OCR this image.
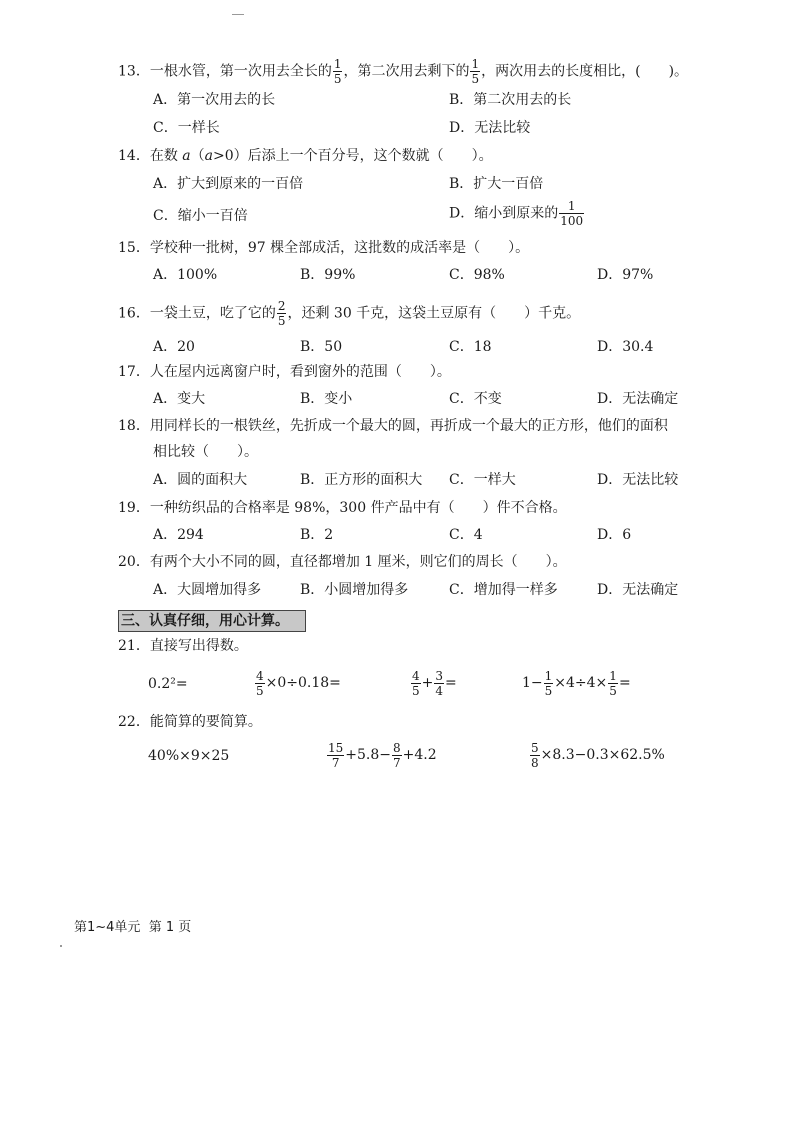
13．一根水管，第一次用去全长的 $\frac{1}{5}$ ，第二次用去剩下的 $\frac{1}{5}$ ，两次用去的长度相比，(　　)。
A．第一次用去的长	B．第二次用去的长
C．一样长	D．无法比较
14．在数 a（a>0）后添上一个百分号，这个数就（　　）。
A．扩大到原来的一百倍	B．扩大一百倍
C．缩小一百倍	D．缩小到原来的 $\frac{1}{100}$
15．学校种一批树，97 棵全部成活，这批数的成活率是（　　）。
A．100%	B．99%	C．98%	D．97%
16．一袋土豆，吃了它的 $\frac{2}{5}$ ，还剩 30 千克，这袋土豆原有（　　）千克。
A．20	B．50	C．18	D．30.4
17．人在屋内远离窗户时，看到窗外的范围（　　）。
A．变大	B．变小	C．不变	D．无法确定
18．用同样长的一根铁丝，先折成一个最大的圆，再折成一个最大的正方形，他们的面积
相比较（　　）。
A．圆的面积大	B．正方形的面积大 C．一样大	D．无法比较
19．一种纺织品的合格率是 98%，300 件产品中有（　　）件不合格。
A．294	B．2	C．4	D．6
20．有两个大小不同的圆，直径都增加 1 厘米，则它们的周长（　　）。
A．大圆增加得多	B．小圆增加得多	C．增加得一样多	D．无法确定
三、认真仔细，用心计算。
21．直接写出得数。
0.2²=	$\frac{4}{5} \times 0\div 0.18=$	$\frac{4}{5} + \frac{3}{4}$ =	$1- \frac{1}{5} \times 4\div 4\times \frac{1}{5}$ =
22．能简算的要简算。
40%×9×25	$\frac{15}{7} +5.8- \frac{8}{7} +4.2$	$\frac{5}{8} \times 8.3-0.3\times 62.5\%$
第1~4单元 第 1 页
